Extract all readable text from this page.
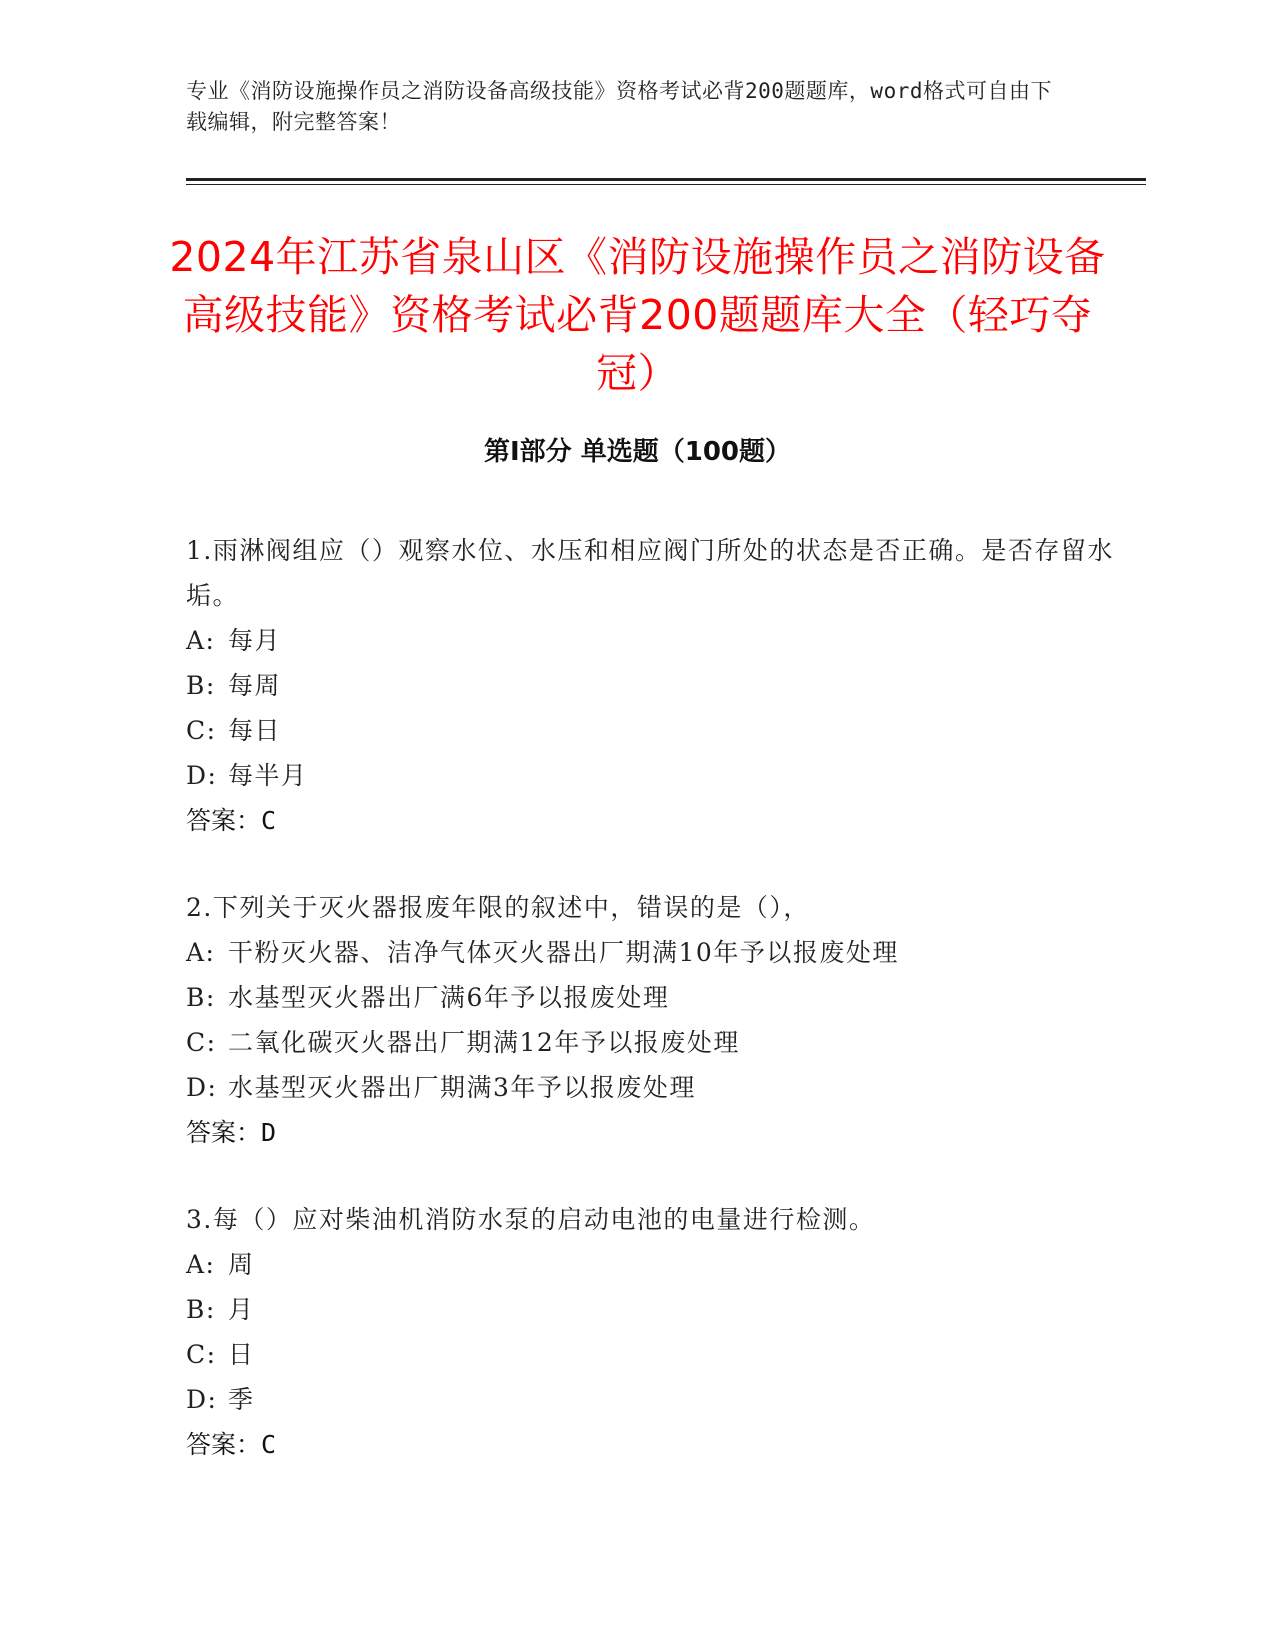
专业《消防设施操作员之消防设备高级技能》资格考试必背200题题库，word格式可自由下载编辑，附完整答案！
2024年江苏省泉山区《消防设施操作员之消防设备高级技能》资格考试必背200题题库大全（轻巧夺冠）
第Ⅰ部分 单选题（100题）
1.雨淋阀组应（）观察水位、水压和相应阀门所处的状态是否正确。是否存留水垢。
A: 每月
B: 每周
C: 每日
D: 每半月
答案：C
2.下列关于灭火器报废年限的叙述中，错误的是（），
A: 干粉灭火器、洁净气体灭火器出厂期满10年予以报废处理
B: 水基型灭火器出厂满6年予以报废处理
C: 二氧化碳灭火器出厂期满12年予以报废处理
D: 水基型灭火器出厂期满3年予以报废处理
答案：D
3.每（）应对柴油机消防水泵的启动电池的电量进行检测。
A: 周
B: 月
C: 日
D: 季
答案：C
